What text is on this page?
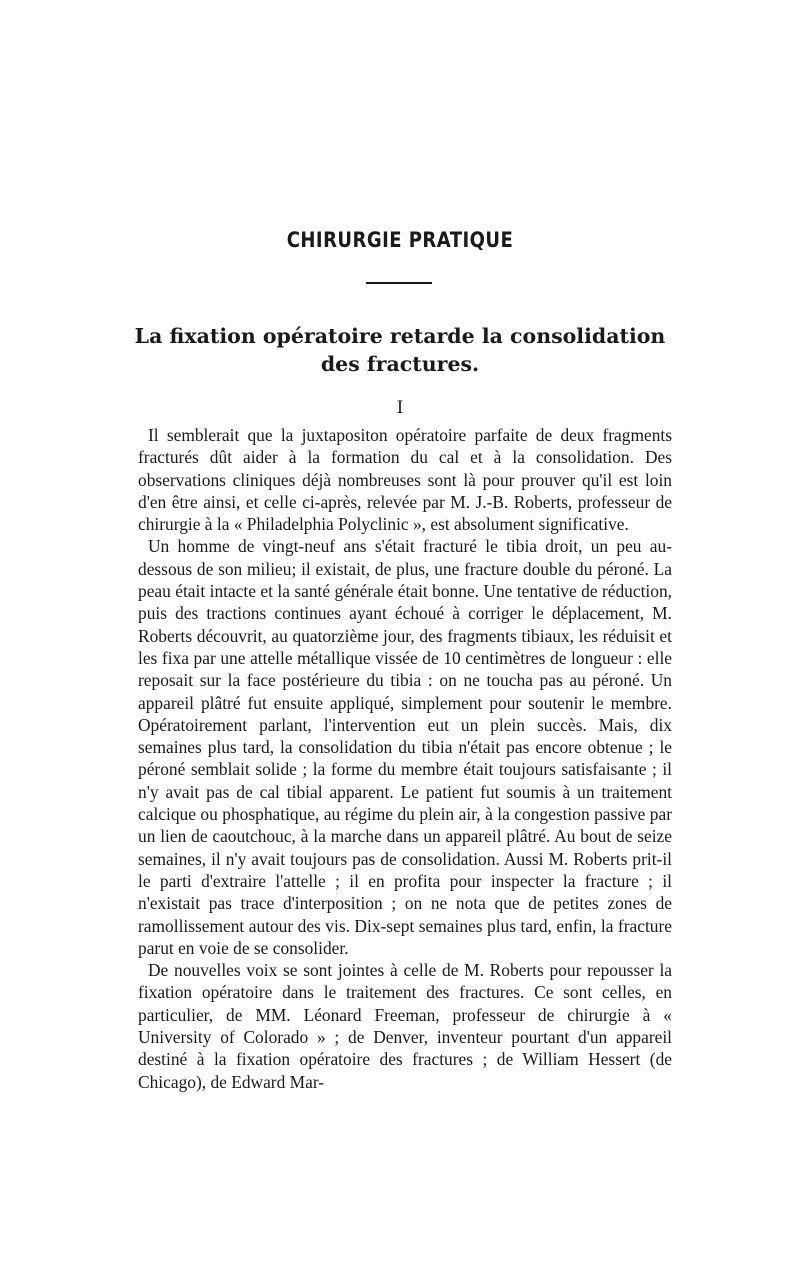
CHIRURGIE PRATIQUE
La fixation opératoire retarde la consolidation
des fractures.
I

Il semblerait que la juxtapositon opératoire parfaite de deux fragments fracturés dût aider à la formation du cal et à la consolidation. Des observations cliniques déjà nombreuses sont là pour prouver qu'il est loin d'en être ainsi, et celle ci-après, relevée par M. J.-B. Roberts, professeur de chirurgie à la « Philadelphia Polyclinic », est absolument significative.

Un homme de vingt-neuf ans s'était fracturé le tibia droit, un peu au-dessous de son milieu; il existait, de plus, une fracture double du péroné. La peau était intacte et la santé générale était bonne. Une tentative de réduction, puis des tractions continues ayant échoué à corriger le déplacement, M. Roberts découvrit, au quatorzième jour, des fragments tibiaux, les réduisit et les fixa par une attelle métallique vissée de 10 centimètres de longueur : elle reposait sur la face postérieure du tibia : on ne toucha pas au péroné. Un appareil plâtré fut ensuite appliqué, simplement pour soutenir le membre. Opératoirement parlant, l'intervention eut un plein succès. Mais, dix semaines plus tard, la consolidation du tibia n'était pas encore obtenue ; le péroné semblait solide ; la forme du membre était toujours satisfaisante ; il n'y avait pas de cal tibial apparent. Le patient fut soumis à un traitement calcique ou phosphatique, au régime du plein air, à la congestion passive par un lien de caoutchouc, à la marche dans un appareil plâtré. Au bout de seize semaines, il n'y avait toujours pas de consolidation. Aussi M. Roberts prit-il le parti d'extraire l'attelle ; il en profita pour inspecter la fracture ; il n'existait pas trace d'interposition ; on ne nota que de petites zones de ramollissement autour des vis. Dix-sept semaines plus tard, enfin, la fracture parut en voie de se consolider.

De nouvelles voix se sont jointes à celle de M. Roberts pour repousser la fixation opératoire dans le traitement des fractures. Ce sont celles, en particulier, de MM. Léonard Freeman, professeur de chirurgie à « University of Colorado » ; de Denver, inventeur pourtant d'un appareil destiné à la fixation opératoire des fractures ; de William Hessert (de Chicago), de Edward Mar-
